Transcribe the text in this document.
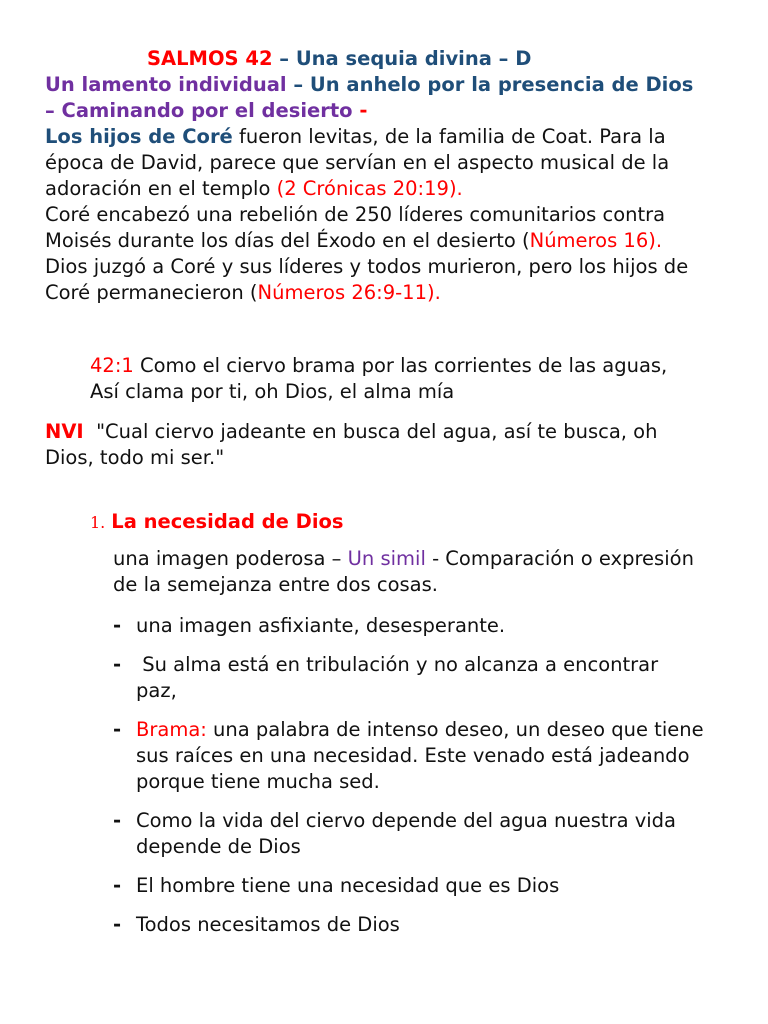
SALMOS 42 – Una sequia divina – D
Un lamento individual – Un anhelo por la presencia de Dios
– Caminando por el desierto -
Los hijos de Coré fueron levitas, de la familia de Coat. Para la
época de David, parece que servían en el aspecto musical de la
adoración en el templo (2 Crónicas 20:19).
Coré encabezó una rebelión de 250 líderes comunitarios contra
Moisés durante los días del Éxodo en el desierto (Números 16).
Dios juzgó a Coré y sus líderes y todos murieron, pero los hijos de
Coré permanecieron (Números 26:9-11).
42:1 Como el ciervo brama por las corrientes de las aguas,
Así clama por ti, oh Dios, el alma mía
NVI  "Cual ciervo jadeante en busca del agua, así te busca, oh
Dios, todo mi ser."
1. La necesidad de Dios
una imagen poderosa – Un simil - Comparación o expresión
de la semejanza entre dos cosas.
- una imagen asfixiante, desesperante.
- Su alma está en tribulación y no alcanza a encontrar
paz,
- Brama: una palabra de intenso deseo, un deseo que tiene
sus raíces en una necesidad. Este venado está jadeando
porque tiene mucha sed.
- Como la vida del ciervo depende del agua nuestra vida
depende de Dios
- El hombre tiene una necesidad que es Dios
- Todos necesitamos de Dios
